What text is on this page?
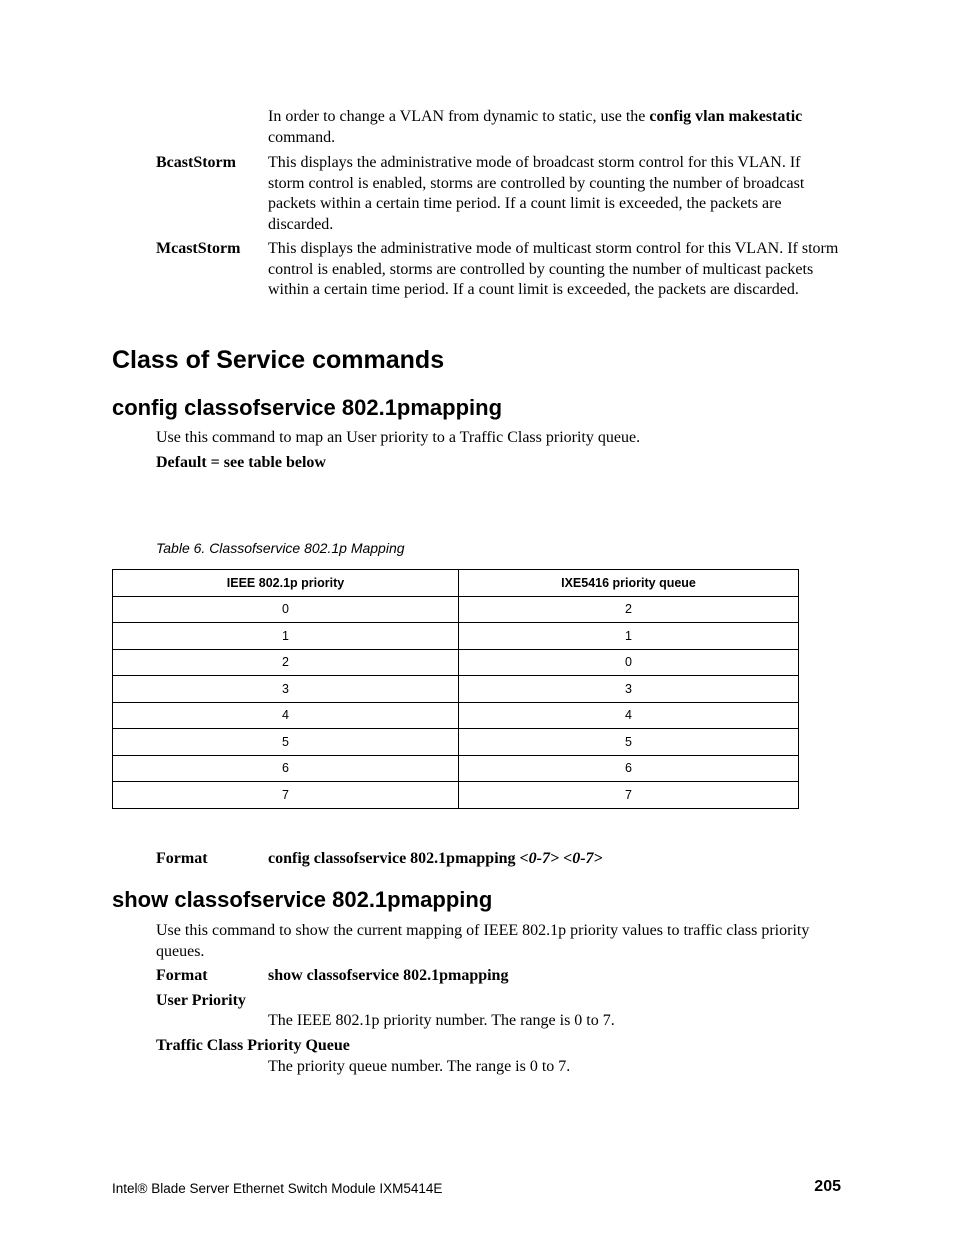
In order to change a VLAN from dynamic to static, use the config vlan makestatic
command.
BcastStorm This displays the administrative mode of broadcast storm control for this VLAN. If storm control is enabled, storms are controlled by counting the number of broadcast packets within a certain time period. If a count limit is exceeded, the packets are discarded.
McastStorm This displays the administrative mode of multicast storm control for this VLAN. If storm control is enabled, storms are controlled by counting the number of multicast packets within a certain time period. If a count limit is exceeded, the packets are discarded.
Class of Service commands
config classofservice 802.1pmapping
Use this command to map an User priority to a Traffic Class priority queue.
Default = see table below
Table 6. Classofservice 802.1p Mapping
IEEE 802.1p priority	IXE5416 priority queue
0	2
1	1
2	0
3	3
4	4
5	5
6	6
7	7
Format	config classofservice 802.1pmapping <0-7> <0-7>
show classofservice 802.1pmapping
Use this command to show the current mapping of IEEE 802.1p priority values to traffic class priority queues.
Format	show classofservice 802.1pmapping
User Priority
The IEEE 802.1p priority number. The range is 0 to 7.
Traffic Class Priority Queue
The priority queue number. The range is 0 to 7.
Intel® Blade Server Ethernet Switch Module IXM5414E	205
